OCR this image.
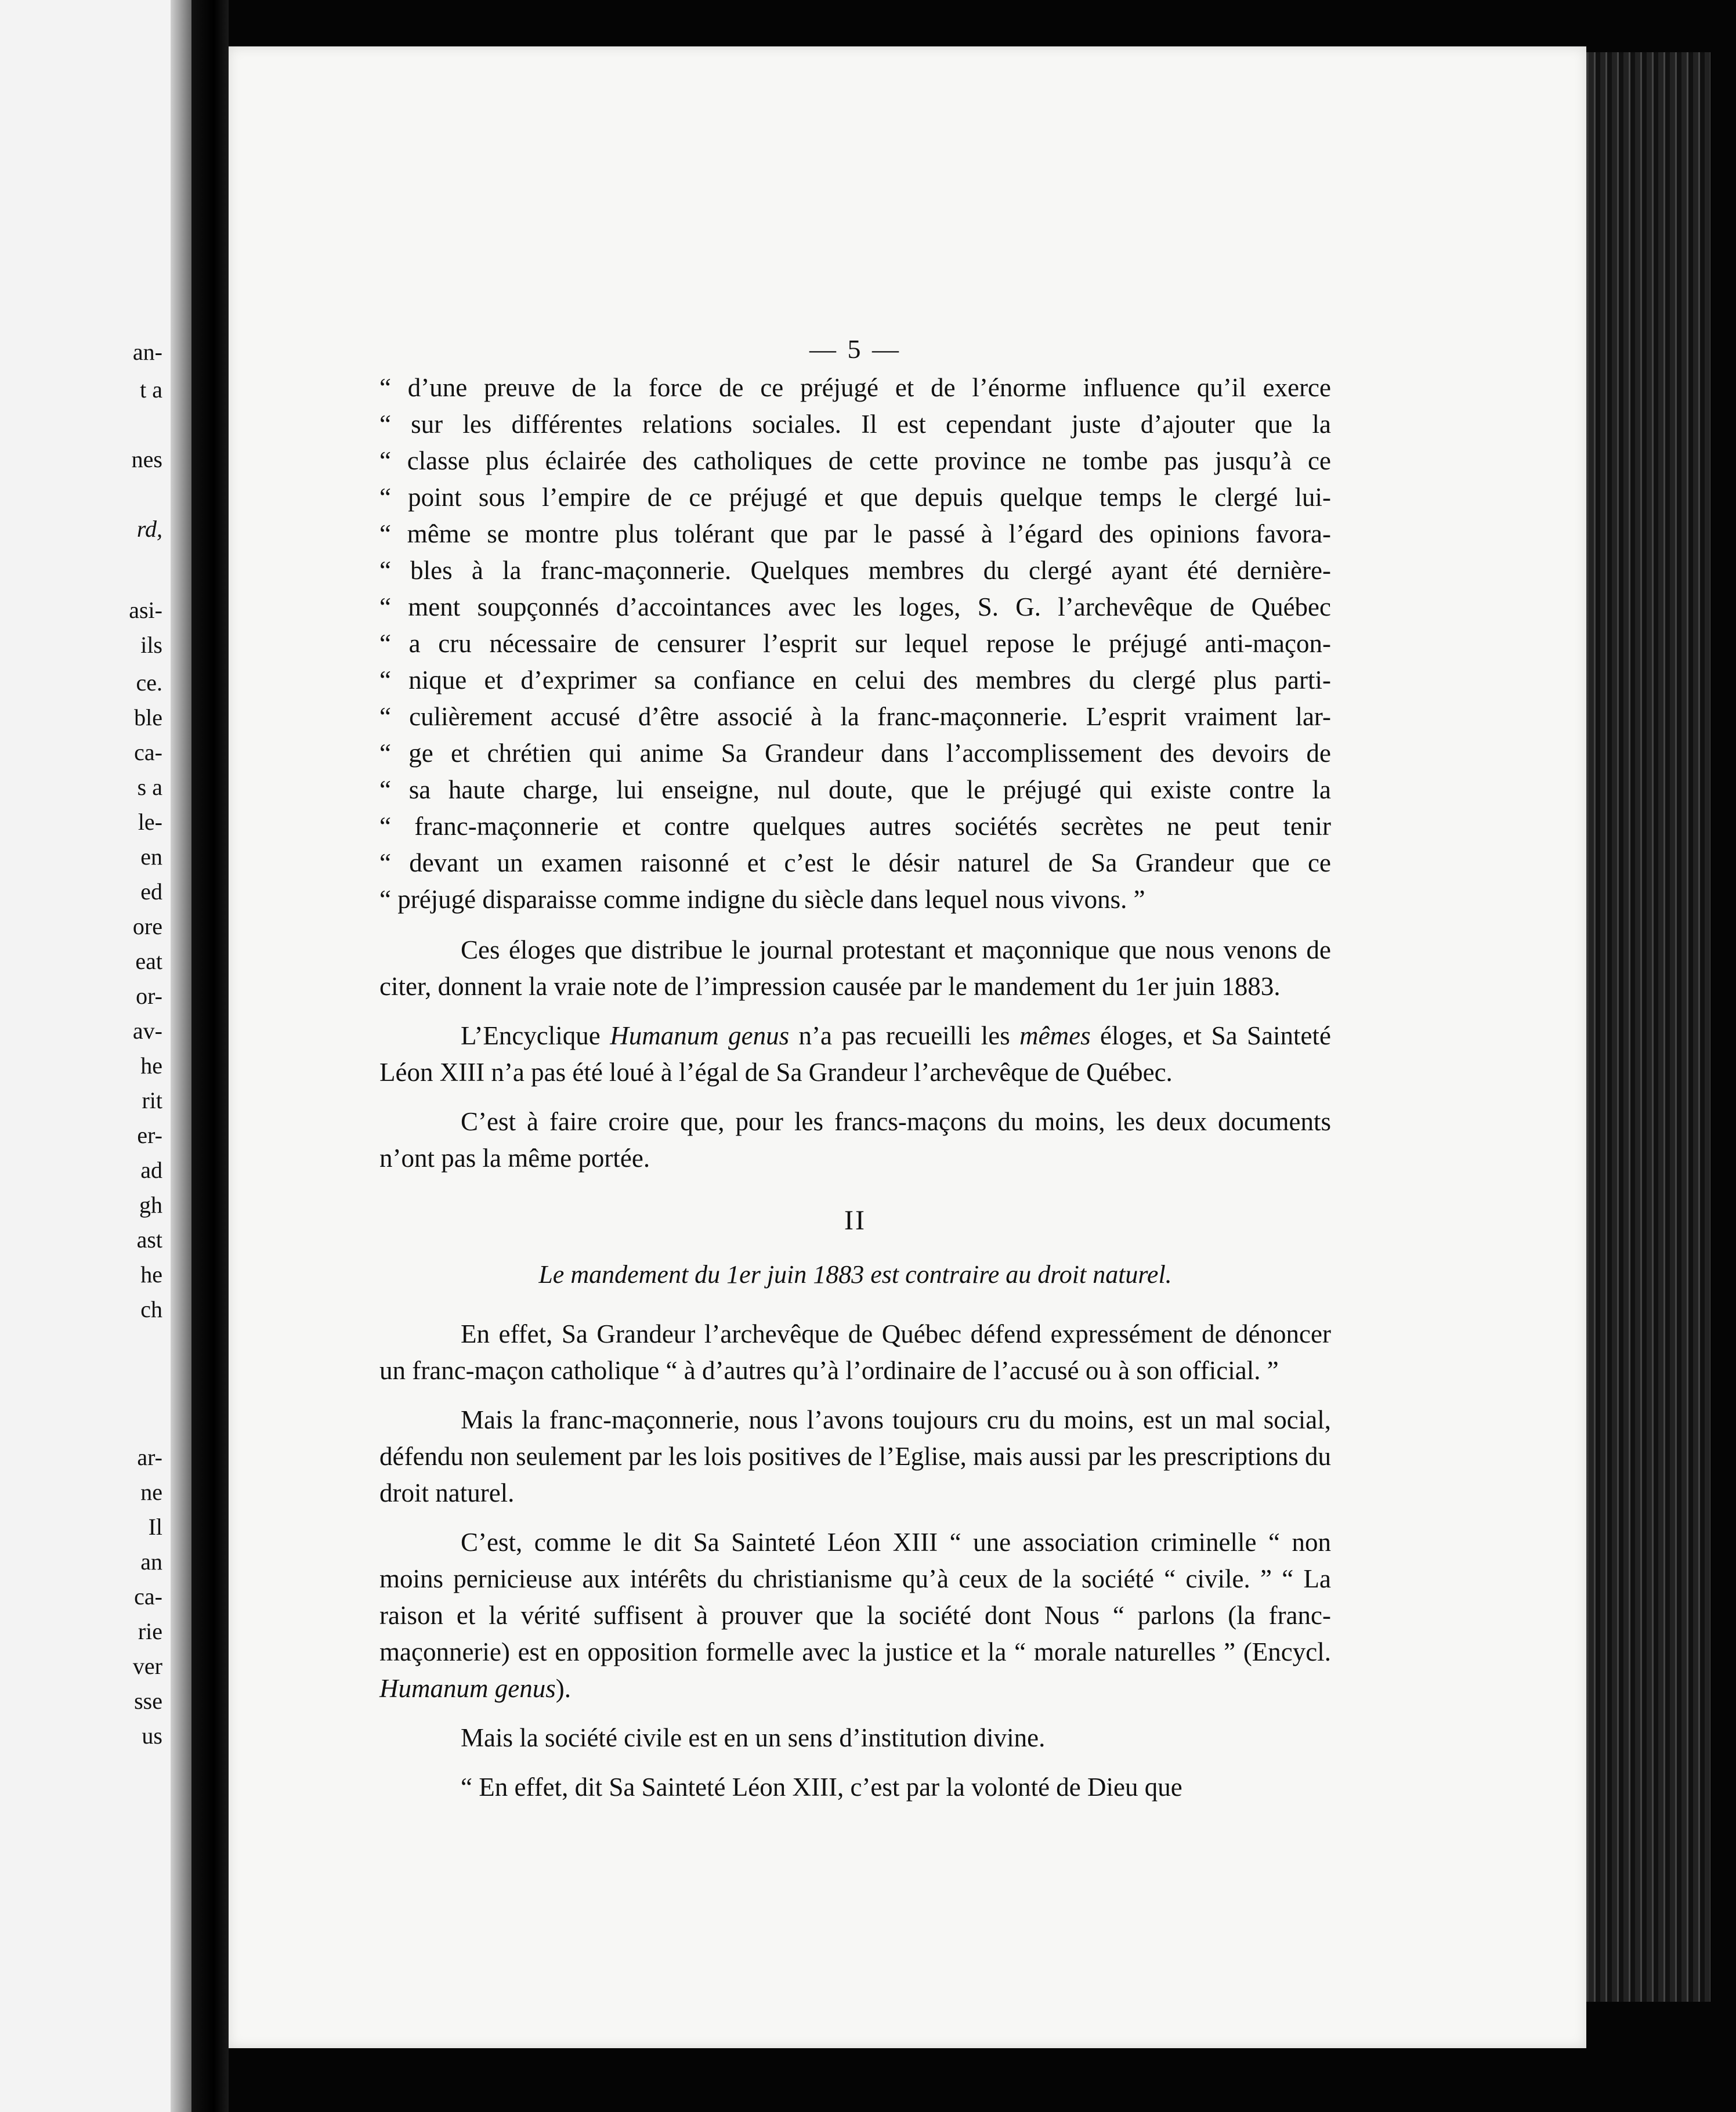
an-

t a

nes

rd,

asi-

ils

ce.

ble

ca-

s a

le-

en

ed

ore

eat

or-

av-

he

rit

er-

ad

gh

ast

he

ch

ar-

ne

Il

an

ca-

rie

ver

sse

us

— 5 —

“ d’une preuve de la force de ce préjugé et de l’énorme influence qu’il exerce
“ sur les différentes relations sociales. Il est cependant juste d’ajouter que la
“ classe plus éclairée des catholiques de cette province ne tombe pas jusqu’à ce
“ point sous l’empire de ce préjugé et que depuis quelque temps le clergé lui-
“ même se montre plus tolérant que par le passé à l’égard des opinions favora-
“ bles à la franc-maçonnerie. Quelques membres du clergé ayant été dernière-
“ ment soupçonnés d’accointances avec les loges, S. G. l’archevêque de Québec
“ a cru nécessaire de censurer l’esprit sur lequel repose le préjugé anti-maçon-
“ nique et d’exprimer sa confiance en celui des membres du clergé plus parti-
“ culièrement accusé d’être associé à la franc-maçonnerie. L’esprit vraiment lar-
“ ge et chrétien qui anime Sa Grandeur dans l’accomplissement des devoirs de
“ sa haute charge, lui enseigne, nul doute, que le préjugé qui existe contre la
“ franc-maçonnerie et contre quelques autres sociétés secrètes ne peut tenir
“ devant un examen raisonné et c’est le désir naturel de Sa Grandeur que ce
“ préjugé disparaisse comme indigne du siècle dans lequel nous vivons. ”

Ces éloges que distribue le journal protestant et maçonnique que nous venons de citer, donnent la vraie note de l’impression causée par le mandement du 1er juin 1883.

L’Encyclique Humanum genus n’a pas recueilli les mêmes éloges, et Sa Sainteté Léon XIII n’a pas été loué à l’égal de Sa Grandeur l’archevêque de Québec.

C’est à faire croire que, pour les francs-maçons du moins, les deux documents n’ont pas la même portée.

II

Le mandement du 1er juin 1883 est contraire au droit naturel.

En effet, Sa Grandeur l’archevêque de Québec défend expressément de dénoncer un franc-maçon catholique “ à d’autres qu’à l’ordinaire de l’accusé ou à son official. ”

Mais la franc-maçonnerie, nous l’avons toujours cru du moins, est un mal social, défendu non seulement par les lois positives de l’Eglise, mais aussi par les prescriptions du droit naturel.

C’est, comme le dit Sa Sainteté Léon XIII “ une association criminelle “ non moins pernicieuse aux intérêts du christianisme qu’à ceux de la société “ civile. ” “ La raison et la vérité suffisent à prouver que la société dont Nous “ parlons (la franc-maçonnerie) est en opposition formelle avec la justice et la “ morale naturelles ” (Encycl. Humanum genus).

Mais la société civile est en un sens d’institution divine.

“ En effet, dit Sa Sainteté Léon XIII, c’est par la volonté de Dieu que
